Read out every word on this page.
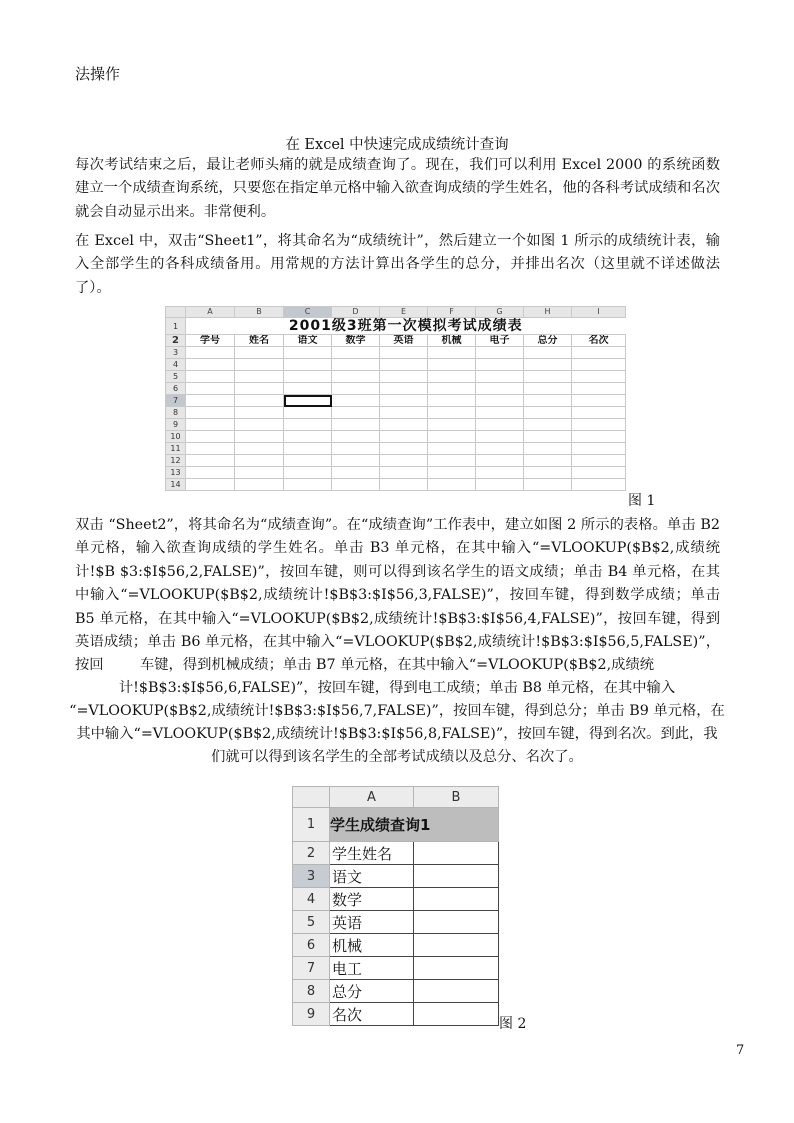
法操作
在 Excel 中快速完成成绩统计查询

每次考试结束之后，最让老师头痛的就是成绩查询了。现在，我们可以利用 Excel 2000 的系统函数建立一个成绩查询系统，只要您在指定单元格中输入欲查询成绩的学生姓名，他的各科考试成绩和名次就会自动显示出来。非常便利。

在 Excel 中，双击“Sheet1”，将其命名为“成绩统计”，然后建立一个如图 1 所示的成绩统计表，输入全部学生的各科成绩备用。用常规的方法计算出各学生的总分，并排出名次（这里就不详述做法了）。

	A	B	C	D	E	F	G	H	I
1	2001级3班第一次模拟考试成绩表								
2	学号	姓名	语文	数学	英语	机械	电子	总分	名次
3									
4									
5									
6									
7									
8									
9									
10									
11									
12									
13									
14									
图 1

双击 “Sheet2”，将其命名为“成绩查询”。在“成绩查询”工作表中，建立如图 2 所示的表格。单击 B2 单元格，输入欲查询成绩的学生姓名。单击 B3 单元格，在其中输入“=VLOOKUP($B$2,成绩统计!$B $3:$I$56,2,FALSE)”，按回车键，则可以得到该名学生的语文成绩；单击 B4 单元格，在其中输入“=VLOOKUP($B$2,成绩统计!$B$3:$I$56,3,FALSE)”，按回车键，得到数学成绩；单击 B5 单元格，在其中输入“=VLOOKUP($B$2,成绩统计!$B$3:$I$56,4,FALSE)”，按回车键，得到英语成绩；单击 B6 单元格，在其中输入“=VLOOKUP($B$2,成绩统计!$B$3:$I$56,5,FALSE)”，按回	车键，得到机械成绩；单击 B7 单元格，在其中输入“=VLOOKUP($B$2,成绩统

计!$B$3:$I$56,6,FALSE)”，按回车键，得到电工成绩；单击 B8 单元格，在其中输入

“=VLOOKUP($B$2,成绩统计!$B$3:$I$56,7,FALSE)”，按回车键，得到总分；单击 B9 单元格，在

其中输入“=VLOOKUP($B$2,成绩统计!$B$3:$I$56,8,FALSE)”，按回车键，得到名次。到此，我

们就可以得到该名学生的全部考试成绩以及总分、名次了。

	A	B
1	学生成绩查询1	
2	学生姓名	
3	语文	
4	数学	
5	英语	
6	机械	
7	电工	
8	总分	
9	名次	
图 2
7
